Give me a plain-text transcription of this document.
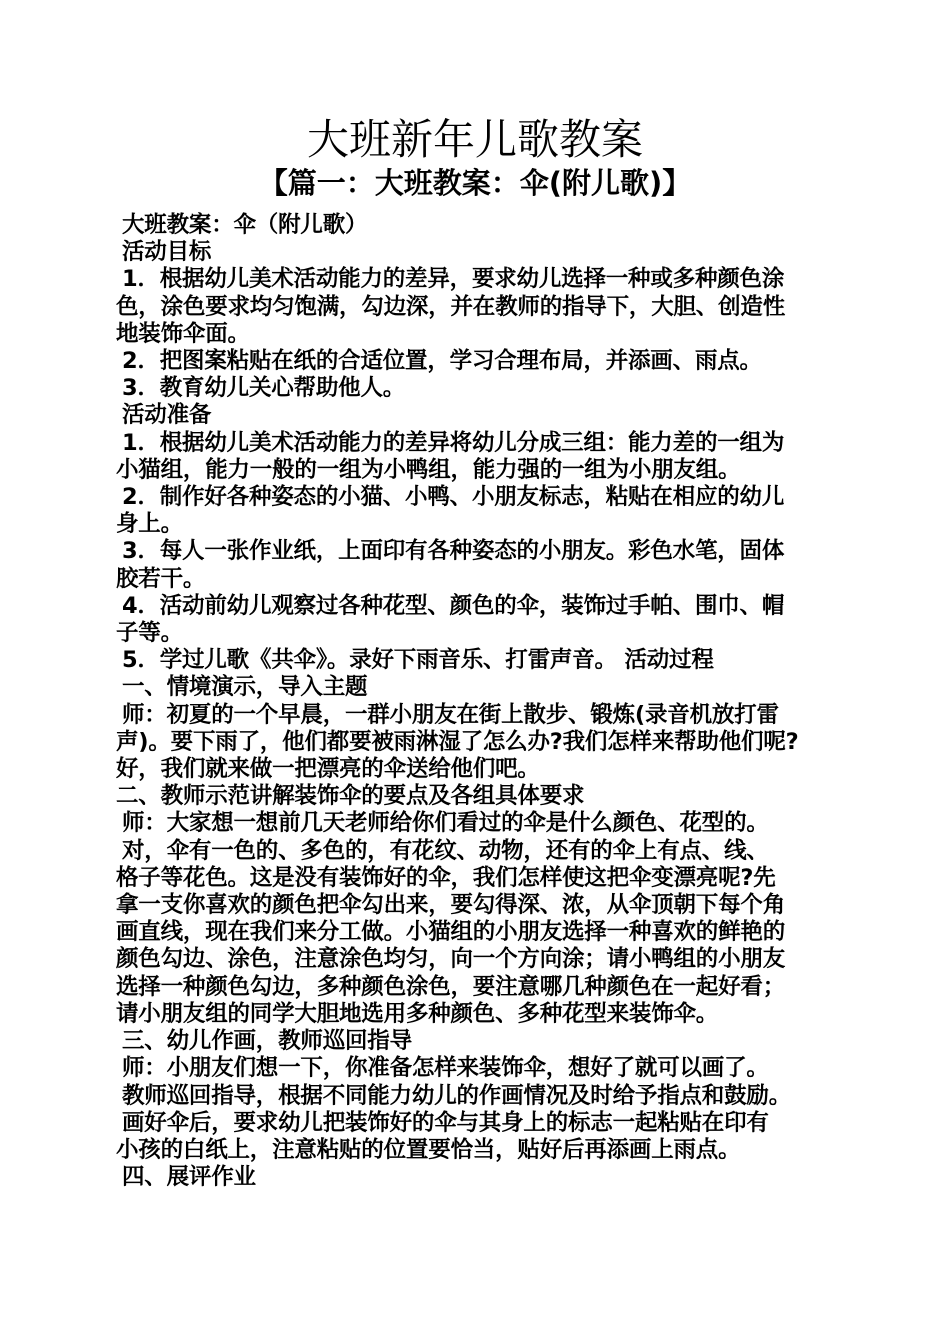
大班新年儿歌教案
【篇一：大班教案：伞(附儿歌)】
大班教案：伞（附儿歌）
活动目标
1．根据幼儿美术活动能力的差异，要求幼儿选择一种或多种颜色涂
色，涂色要求均匀饱满，勾边深，并在教师的指导下，大胆、创造性
地装饰伞面。
2．把图案粘贴在纸的合适位置，学习合理布局，并添画、雨点。
3．教育幼儿关心帮助他人。
活动准备
1．根据幼儿美术活动能力的差异将幼儿分成三组：能力差的一组为
小猫组，能力一般的一组为小鸭组，能力强的一组为小朋友组。
2．制作好各种姿态的小猫、小鸭、小朋友标志，粘贴在相应的幼儿
身上。
3．每人一张作业纸，上面印有各种姿态的小朋友。彩色水笔，固体
胶若干。
4．活动前幼儿观察过各种花型、颜色的伞，装饰过手帕、围巾、帽
子等。
5．学过儿歌《共伞》。录好下雨音乐、打雷声音。 活动过程
一、情境演示，导入主题
师：初夏的一个早晨，一群小朋友在街上散步、锻炼(录音机放打雷
声)。要下雨了，他们都要被雨淋湿了怎么办?我们怎样来帮助他们呢?
好，我们就来做一把漂亮的伞送给他们吧。
二、教师示范讲解装饰伞的要点及各组具体要求
师：大家想一想前几天老师给你们看过的伞是什么颜色、花型的。
对，伞有一色的、多色的，有花纹、动物，还有的伞上有点、线、
格子等花色。这是没有装饰好的伞，我们怎样使这把伞变漂亮呢?先
拿一支你喜欢的颜色把伞勾出来，要勾得深、浓，从伞顶朝下每个角
画直线，现在我们来分工做。小猫组的小朋友选择一种喜欢的鲜艳的
颜色勾边、涂色，注意涂色均匀，向一个方向涂；请小鸭组的小朋友
选择一种颜色勾边，多种颜色涂色，要注意哪几种颜色在一起好看；
请小朋友组的同学大胆地选用多种颜色、多种花型来装饰伞。
三、幼儿作画，教师巡回指导
师：小朋友们想一下，你准备怎样来装饰伞，想好了就可以画了。
教师巡回指导，根据不同能力幼儿的作画情况及时给予指点和鼓励。
画好伞后，要求幼儿把装饰好的伞与其身上的标志一起粘贴在印有
小孩的白纸上，注意粘贴的位置要恰当，贴好后再添画上雨点。
四、展评作业
